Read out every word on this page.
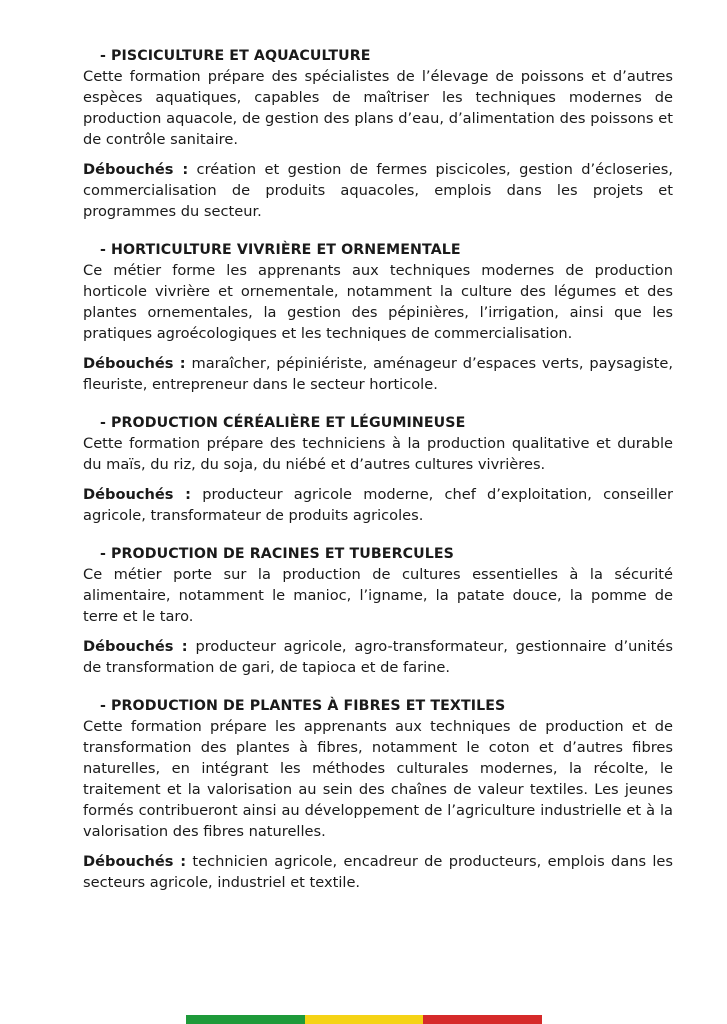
- PISCICULTURE ET AQUACULTURE

Cette formation prépare des spécialistes de l’élevage de poissons et d’autres espèces aquatiques, capables de maîtriser les techniques modernes de production aquacole, de gestion des plans d’eau, d’alimentation des poissons et de contrôle sanitaire.

Débouchés : création et gestion de fermes piscicoles, gestion d’écloseries, commercialisation de produits aquacoles, emplois dans les projets et programmes du secteur.

- HORTICULTURE VIVRIÈRE ET ORNEMENTALE

Ce métier forme les apprenants aux techniques modernes de production horticole vivrière et ornementale, notamment la culture des légumes et des plantes ornementales, la gestion des pépinières, l’irrigation, ainsi que les pratiques agroécologiques et les techniques de commercialisation.

Débouchés : maraîcher, pépiniériste, aménageur d’espaces verts, paysagiste, fleuriste, entrepreneur dans le secteur horticole.

- PRODUCTION CÉRÉALIÈRE ET LÉGUMINEUSE

Cette formation prépare des techniciens à la production qualitative et durable du maïs, du riz, du soja, du niébé et d’autres cultures vivrières.

Débouchés : producteur agricole moderne, chef d’exploitation, conseiller agricole, transformateur de produits agricoles.

- PRODUCTION DE RACINES ET TUBERCULES

Ce métier porte sur la production de cultures essentielles à la sécurité alimentaire, notamment le manioc, l’igname, la patate douce, la pomme de terre et le taro.

Débouchés : producteur agricole, agro-transformateur, gestionnaire d’unités de transformation de gari, de tapioca et de farine.

- PRODUCTION DE PLANTES À FIBRES ET TEXTILES

Cette formation prépare les apprenants aux techniques de production et de transformation des plantes à fibres, notamment le coton et d’autres fibres naturelles, en intégrant les méthodes culturales modernes, la récolte, le traitement et la valorisation au sein des chaînes de valeur textiles. Les jeunes formés contribueront ainsi au développement de l’agriculture industrielle et à la valorisation des fibres naturelles.

Débouchés : technicien agricole, encadreur de producteurs, emplois dans les secteurs agricole, industriel et textile.
